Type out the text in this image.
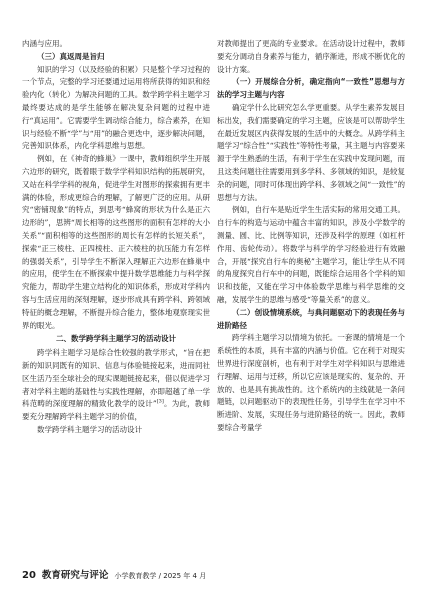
内涵与应用。

（三）真返周是旨归

知识的学习（以及经验的积累）只是整个学习过程的一个节点，完整的学习还要通过运用将所获得的知识和经验内化（转化）为解决问题的工具。数学跨学科主题学习最终要达成的是学生能够在解决复杂问题的过程中进行“真运用”。它需要学生调动综合能力，综合素养，在知识与经验不断“学”与“用”的融合更迭中，逐步解决问题，完善知识体系，内化学科思维与思想。

例如，在《神奇的蜂巢》一课中，教师组织学生开展六边形的研究，既着眼于数学学科知识结构的拓展研究，又站在科学学科的视角，促进学生对图形的探索拥有更丰满的体验，形成更综合的理解，了解更广泛的应用。从研究“密铺现象”的特点，到思考“蜂窝的形状为什么是正六边形的”，思辨“周长相等的这些图形的面积有怎样的大小关系”“面积相等的这些图形的周长有怎样的长短关系”，探索“正三棱柱、正四棱柱、正六棱柱的抗压能力有怎样的强弱关系”，引导学生不断深入理解正六边形在蜂巢中的应用，使学生在不断探索中提升数学思维能力与科学探究能力，帮助学生建立结构化的知识体系，形成对学科内容与生活应用的深刻理解，逐步形成具有跨学科、跨领域特征的概念理解，不断提升综合能力，整体地观察现实世界的眼光。

二、数学跨学科主题学习的活动设计

跨学科主题学习是综合性较强的教学形式，“旨在把新的知识同既有的知识、信息与体验链接起来，进而同社区生活乃至全球社会的现实课题链接起来，借以促进学习者对学科主题的基础性与实践性理解，亦即超越了单一学科范畴的深度理解的精致化教学的设计”[3]。为此，教师要充分理解跨学科主题学习的价值，

数学跨学科主题学习的活动设计

对教师提出了更高的专业要求。在活动设计过程中，教师要充分调动自身素养与能力，循序渐进，形成不断优化的设计方案。

（一）开展综合分析，确定指向“一致性”思想与方法的学习主题与内容

确定学什么比研究怎么学更重要。从学生素养发展目标出发，我们需要确定的学习主题，应该是可以帮助学生在最近发展区内获得发展的生活中的大概念。从跨学科主题学习“综合性”“实践性”等特性考量，其主题与内容要来源于学生熟悉的生活，有利于学生在实践中发现问题，而且这类问题往往需要用到多学科、多领域的知识，是较复杂的问题，同时可体现出跨学科、多领域之间“一致性”的思想与方法。

例如，自行车是贴近学生生活实际的常用交通工具。自行车的构造与运动中蕴含丰富的知识，涉及小学数学的测量、圆、比、比例等知识，还涉及科学的原理（如杠杆作用、齿轮传动）。将数学与科学的学习经验进行有效融合，开展“探究自行车的奥秘”主题学习，能让学生从不同的角度探究自行车中的问题，既能综合运用各个学科的知识和技能，又能在学习中体验数学思维与科学思维的交融，发展学生的思维与感受“等量关系”的意义。

（二）创设情境系统，与典问题驱动下的表现任务与进阶路径

跨学科主题学习以情境为依托。一套课的情境是一个系统性的本质，具有丰富的内涵与价值。它在利于对现实世界进行深度剖析，也有利于对学生对学科知识与思维进行理解、运用与迁移，所以它应该是现实的、复杂的、开放的、也是具有挑战性的。这个系统内的主线就是一条问题链，以问题驱动下的表现性任务，引导学生在学习中不断进阶、发展，实现任务与进阶路径的统一。因此，教师要综合考量学

20 教育研究与评论 小学教育教学 / 2025 年 4 月
